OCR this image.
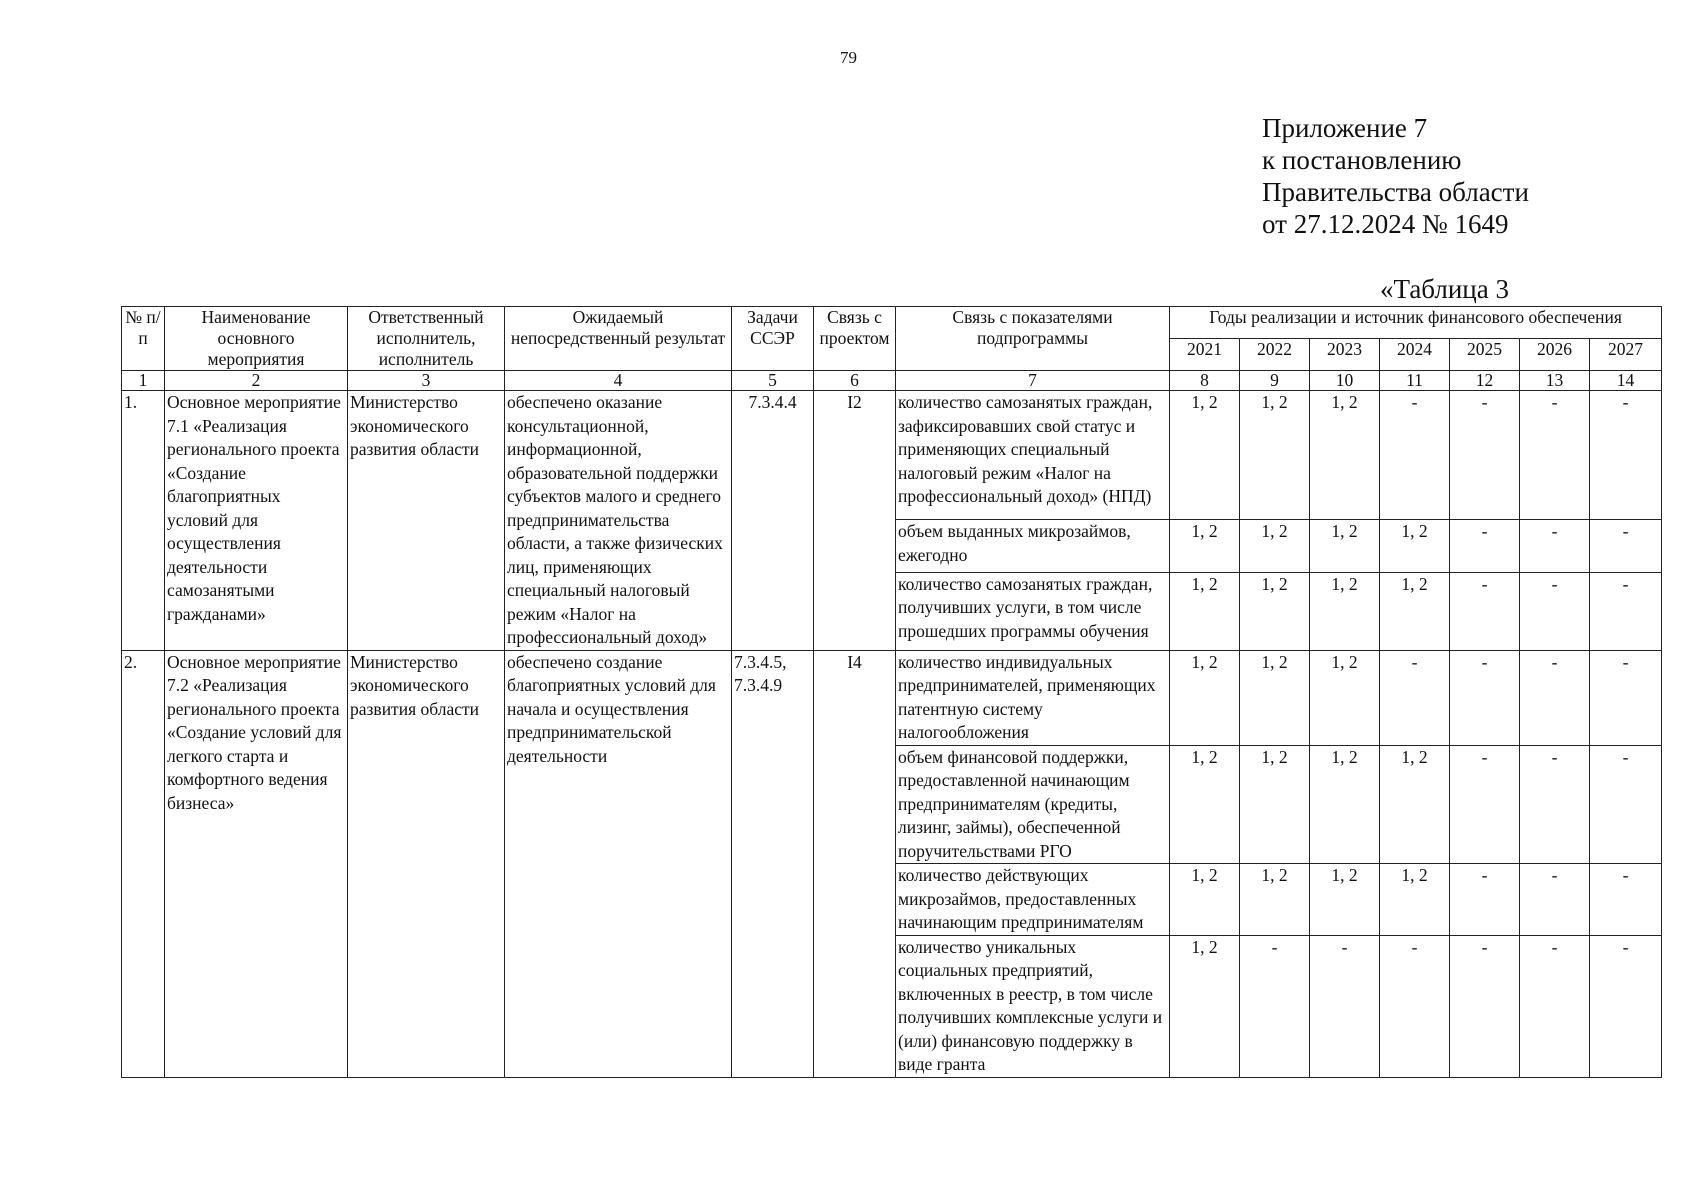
79
Приложение 7
к постановлению
Правительства области
от 27.12.2024 № 1649
«Таблица 3
№ п/п	Наименование основного мероприятия	Ответственный исполнитель, исполнитель	Ожидаемый непосредственный результат	Задачи ССЭР	Связь с проектом	Связь с показателями подпрограммы	Годы реализации и источник финансового обеспечения						
							2021	2022	2023	2024	2025	2026	2027
1	2	3	4	5	6	7	8	9	10	11	12	13	14
1.	Основное мероприятие 7.1 «Реализация регионального проекта «Создание благоприятных условий для осуществления деятельности самозанятыми гражданами»	Министерство экономического развития области	обеспечено оказание консультационной, информационной, образовательной поддержки субъектов малого и среднего предпринимательства области, а также физических лиц, применяющих специальный налоговый режим «Налог на профессиональный доход»	7.3.4.4	I2	количество самозанятых граждан, зафиксировавших свой статус и применяющих специальный налоговый режим «Налог на профессиональный доход» (НПД)	1, 2	1, 2	1, 2	-	-	-	-
						объем выданных микрозаймов, ежегодно	1, 2	1, 2	1, 2	1, 2	-	-	-
						количество самозанятых граждан, получивших услуги, в том числе прошедших программы обучения	1, 2	1, 2	1, 2	1, 2	-	-	-
2.	Основное мероприятие 7.2 «Реализация регионального проекта «Создание условий для легкого старта и комфортного ведения бизнеса»	Министерство экономического развития области	обеспечено создание благоприятных условий для начала и осуществления предпринимательской деятельности	7.3.4.5, 7.3.4.9	I4	количество индивидуальных предпринимателей, применяющих патентную систему налогообложения	1, 2	1, 2	1, 2	-	-	-	-
						объем финансовой поддержки, предоставленной начинающим предпринимателям (кредиты, лизинг, займы), обеспеченной поручительствами РГО	1, 2	1, 2	1, 2	1, 2	-	-	-
						количество действующих микрозаймов, предоставленных начинающим предпринимателям	1, 2	1, 2	1, 2	1, 2	-	-	-
						количество уникальных социальных предприятий, включенных в реестр, в том числе получивших комплексные услуги и (или) финансовую поддержку в виде гранта	1, 2	-	-	-	-	-	-
